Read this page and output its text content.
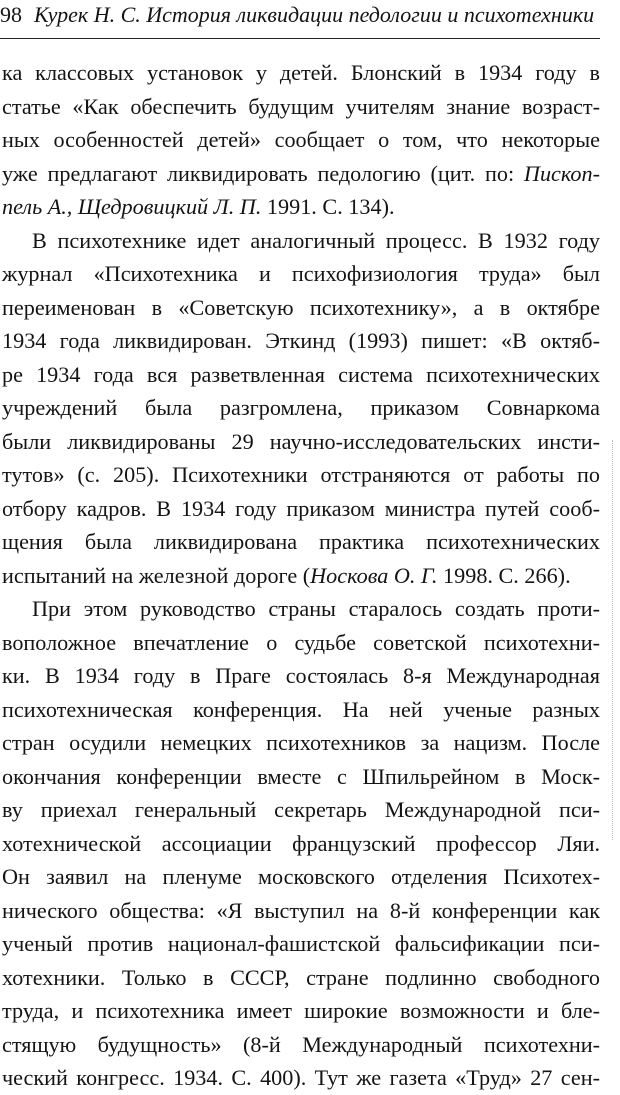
98 Курек Н. С. История ликвидации педологии и психотехники
ка классовых установок у детей. Блонский в 1934 году в
статье «Как обеспечить будущим учителям знание возраст-
ных особенностей детей» сообщает о том, что некоторые
уже предлагают ликвидировать педологию (цит. по: Пископ-
пель А., Щедровицкий Л. П. 1991. С. 134).
В психотехнике идет аналогичный процесс. В 1932 году
журнал «Психотехника и психофизиология труда» был
переименован в «Советскую психотехнику», а в октябре
1934 года ликвидирован. Эткинд (1993) пишет: «В октяб-
ре 1934 года вся разветвленная система психотехнических
учреждений была разгромлена, приказом Совнаркома
были ликвидированы 29 научно-исследовательских инсти-
тутов» (с. 205). Психотехники отстраняются от работы по
отбору кадров. В 1934 году приказом министра путей сооб-
щения была ликвидирована практика психотехнических
испытаний на железной дороге (Носкова О. Г. 1998. С. 266).
При этом руководство страны старалось создать проти-
воположное впечатление о судьбе советской психотехни-
ки. В 1934 году в Праге состоялась 8-я Международная
психотехническая конференция. На ней ученые разных
стран осудили немецких психотехников за нацизм. После
окончания конференции вместе с Шпильрейном в Моск-
ву приехал генеральный секретарь Международной пси-
хотехнической ассоциации французский профессор Ляи.
Он заявил на пленуме московского отделения Психотех-
нического общества: «Я выступил на 8-й конференции как
ученый против национал-фашистской фальсификации пси-
хотехники. Только в СССР, стране подлинно свободного
труда, и психотехника имеет широкие возможности и бле-
стящую будущность» (8-й Международный психотехни-
ческий конгресс. 1934. С. 400). Тут же газета «Труд» 27 сен-
